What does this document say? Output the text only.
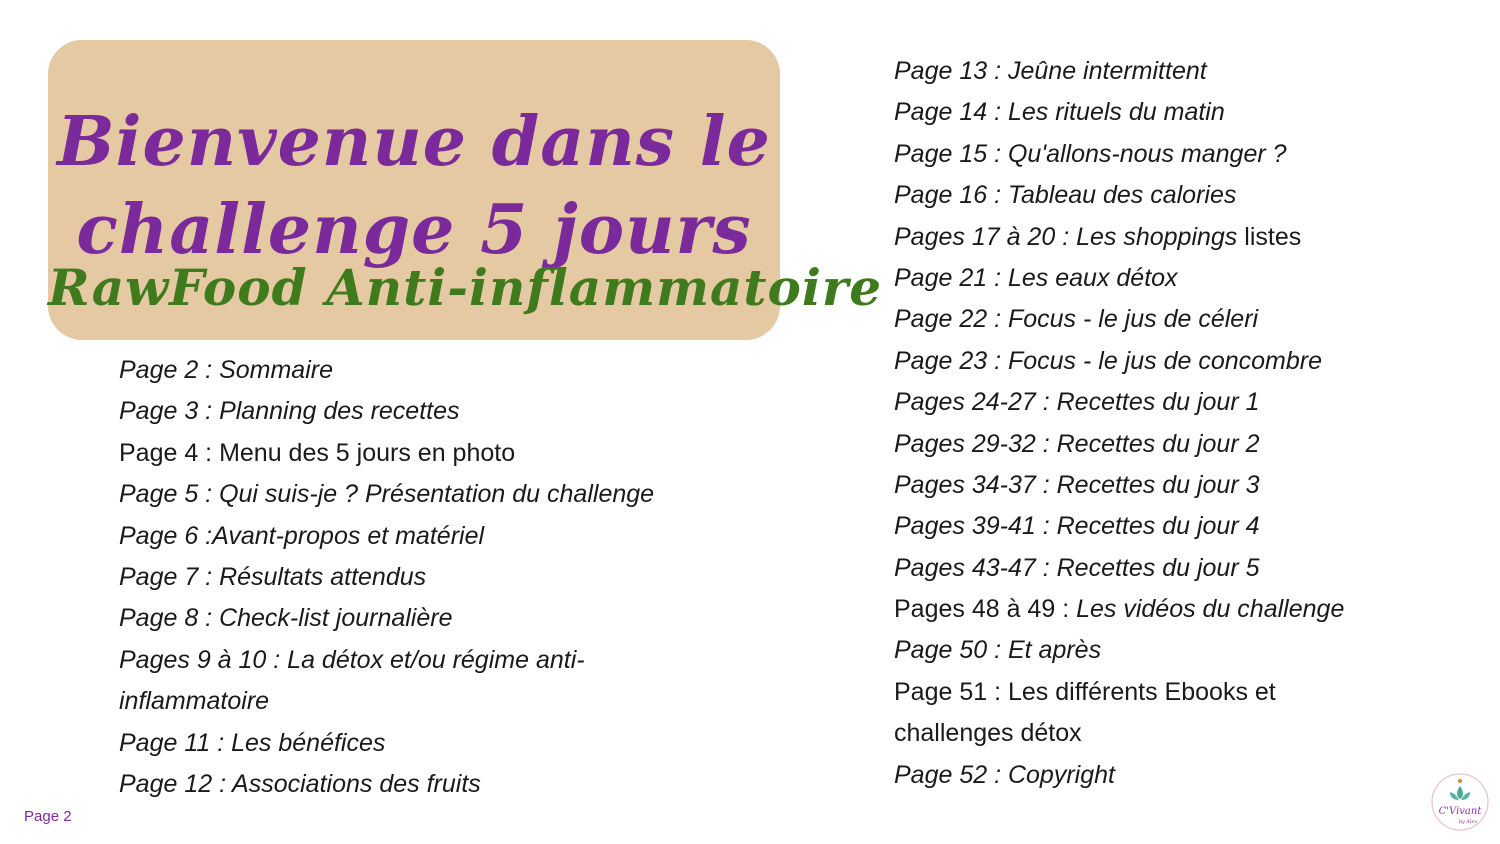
Bienvenue dans le
challenge 5 jours
RawFood Anti-inflammatoire
Page 2 : Sommaire
Page 3 : Planning des recettes
Page 4 : Menu des 5 jours en photo
Page 5 : Qui suis-je ? Présentation du challenge
Page 6 :Avant-propos et matériel
Page 7 : Résultats attendus
Page 8 : Check-list journalière
Pages 9 à 10 : La détox et/ou régime anti-inflammatoire
Page 11 : Les bénéfices
Page 12 : Associations des fruits
Page 13 : Jeûne intermittent
Page 14 : Les rituels du matin
Page 15 : Qu'allons-nous manger ?
Page 16 : Tableau des calories
Pages 17 à 20 : Les shoppings listes
Page 21 : Les eaux détox
Page 22 : Focus - le jus de céleri
Page 23 : Focus - le jus de concombre
Pages 24-27 : Recettes du jour 1
Pages 29-32 : Recettes du jour 2
Pages 34-37 : Recettes du jour 3
Pages 39-41 : Recettes du jour 4
Pages 43-47 : Recettes du jour 5
Pages 48 à 49 : Les vidéos du challenge
Page 50 : Et après
Page 51 : Les différents Ebooks et challenges détox
Page 52 : Copyright
Page 2	C'Vivant
by Alex
